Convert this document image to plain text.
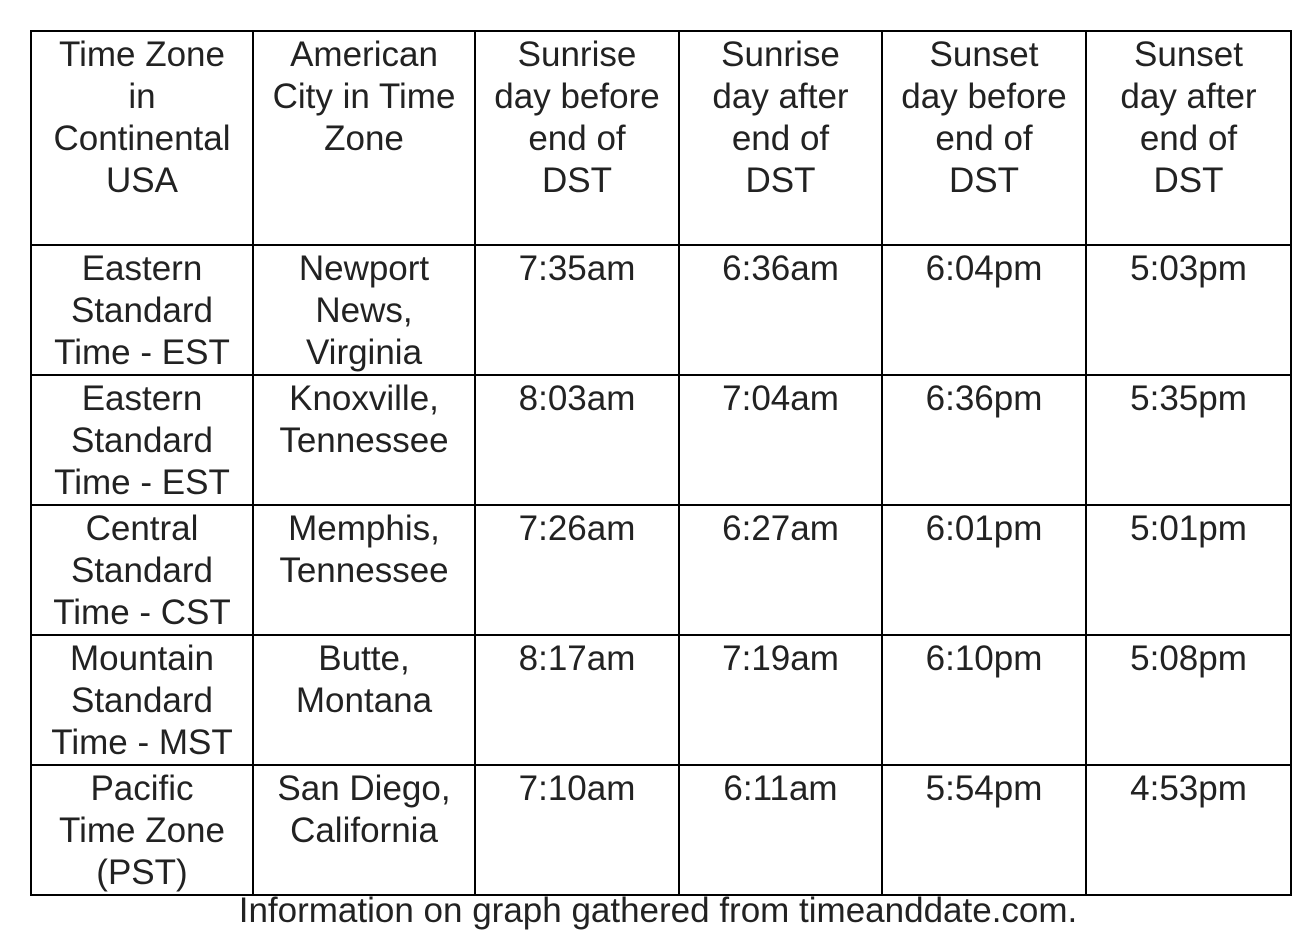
Time Zone
in
Continental
USA	American
City in Time
Zone	Sunrise
day before
end of
DST	Sunrise
day after
end of
DST	Sunset
day before
end of
DST	Sunset
day after
end of
DST

Eastern
Standard
Time - EST	Newport
News,
Virginia	7:35am	6:36am	6:04pm	5:03pm

Eastern
Standard
Time - EST	Knoxville,
Tennessee	8:03am	7:04am	6:36pm	5:35pm

Central
Standard
Time - CST	Memphis,
Tennessee	7:26am	6:27am	6:01pm	5:01pm

Mountain
Standard
Time - MST	Butte,
Montana	8:17am	7:19am	6:10pm	5:08pm

Pacific
Time Zone
(PST)	San Diego,
California	7:10am	6:11am	5:54pm	4:53pm
Information on graph gathered from timeanddate.com.
